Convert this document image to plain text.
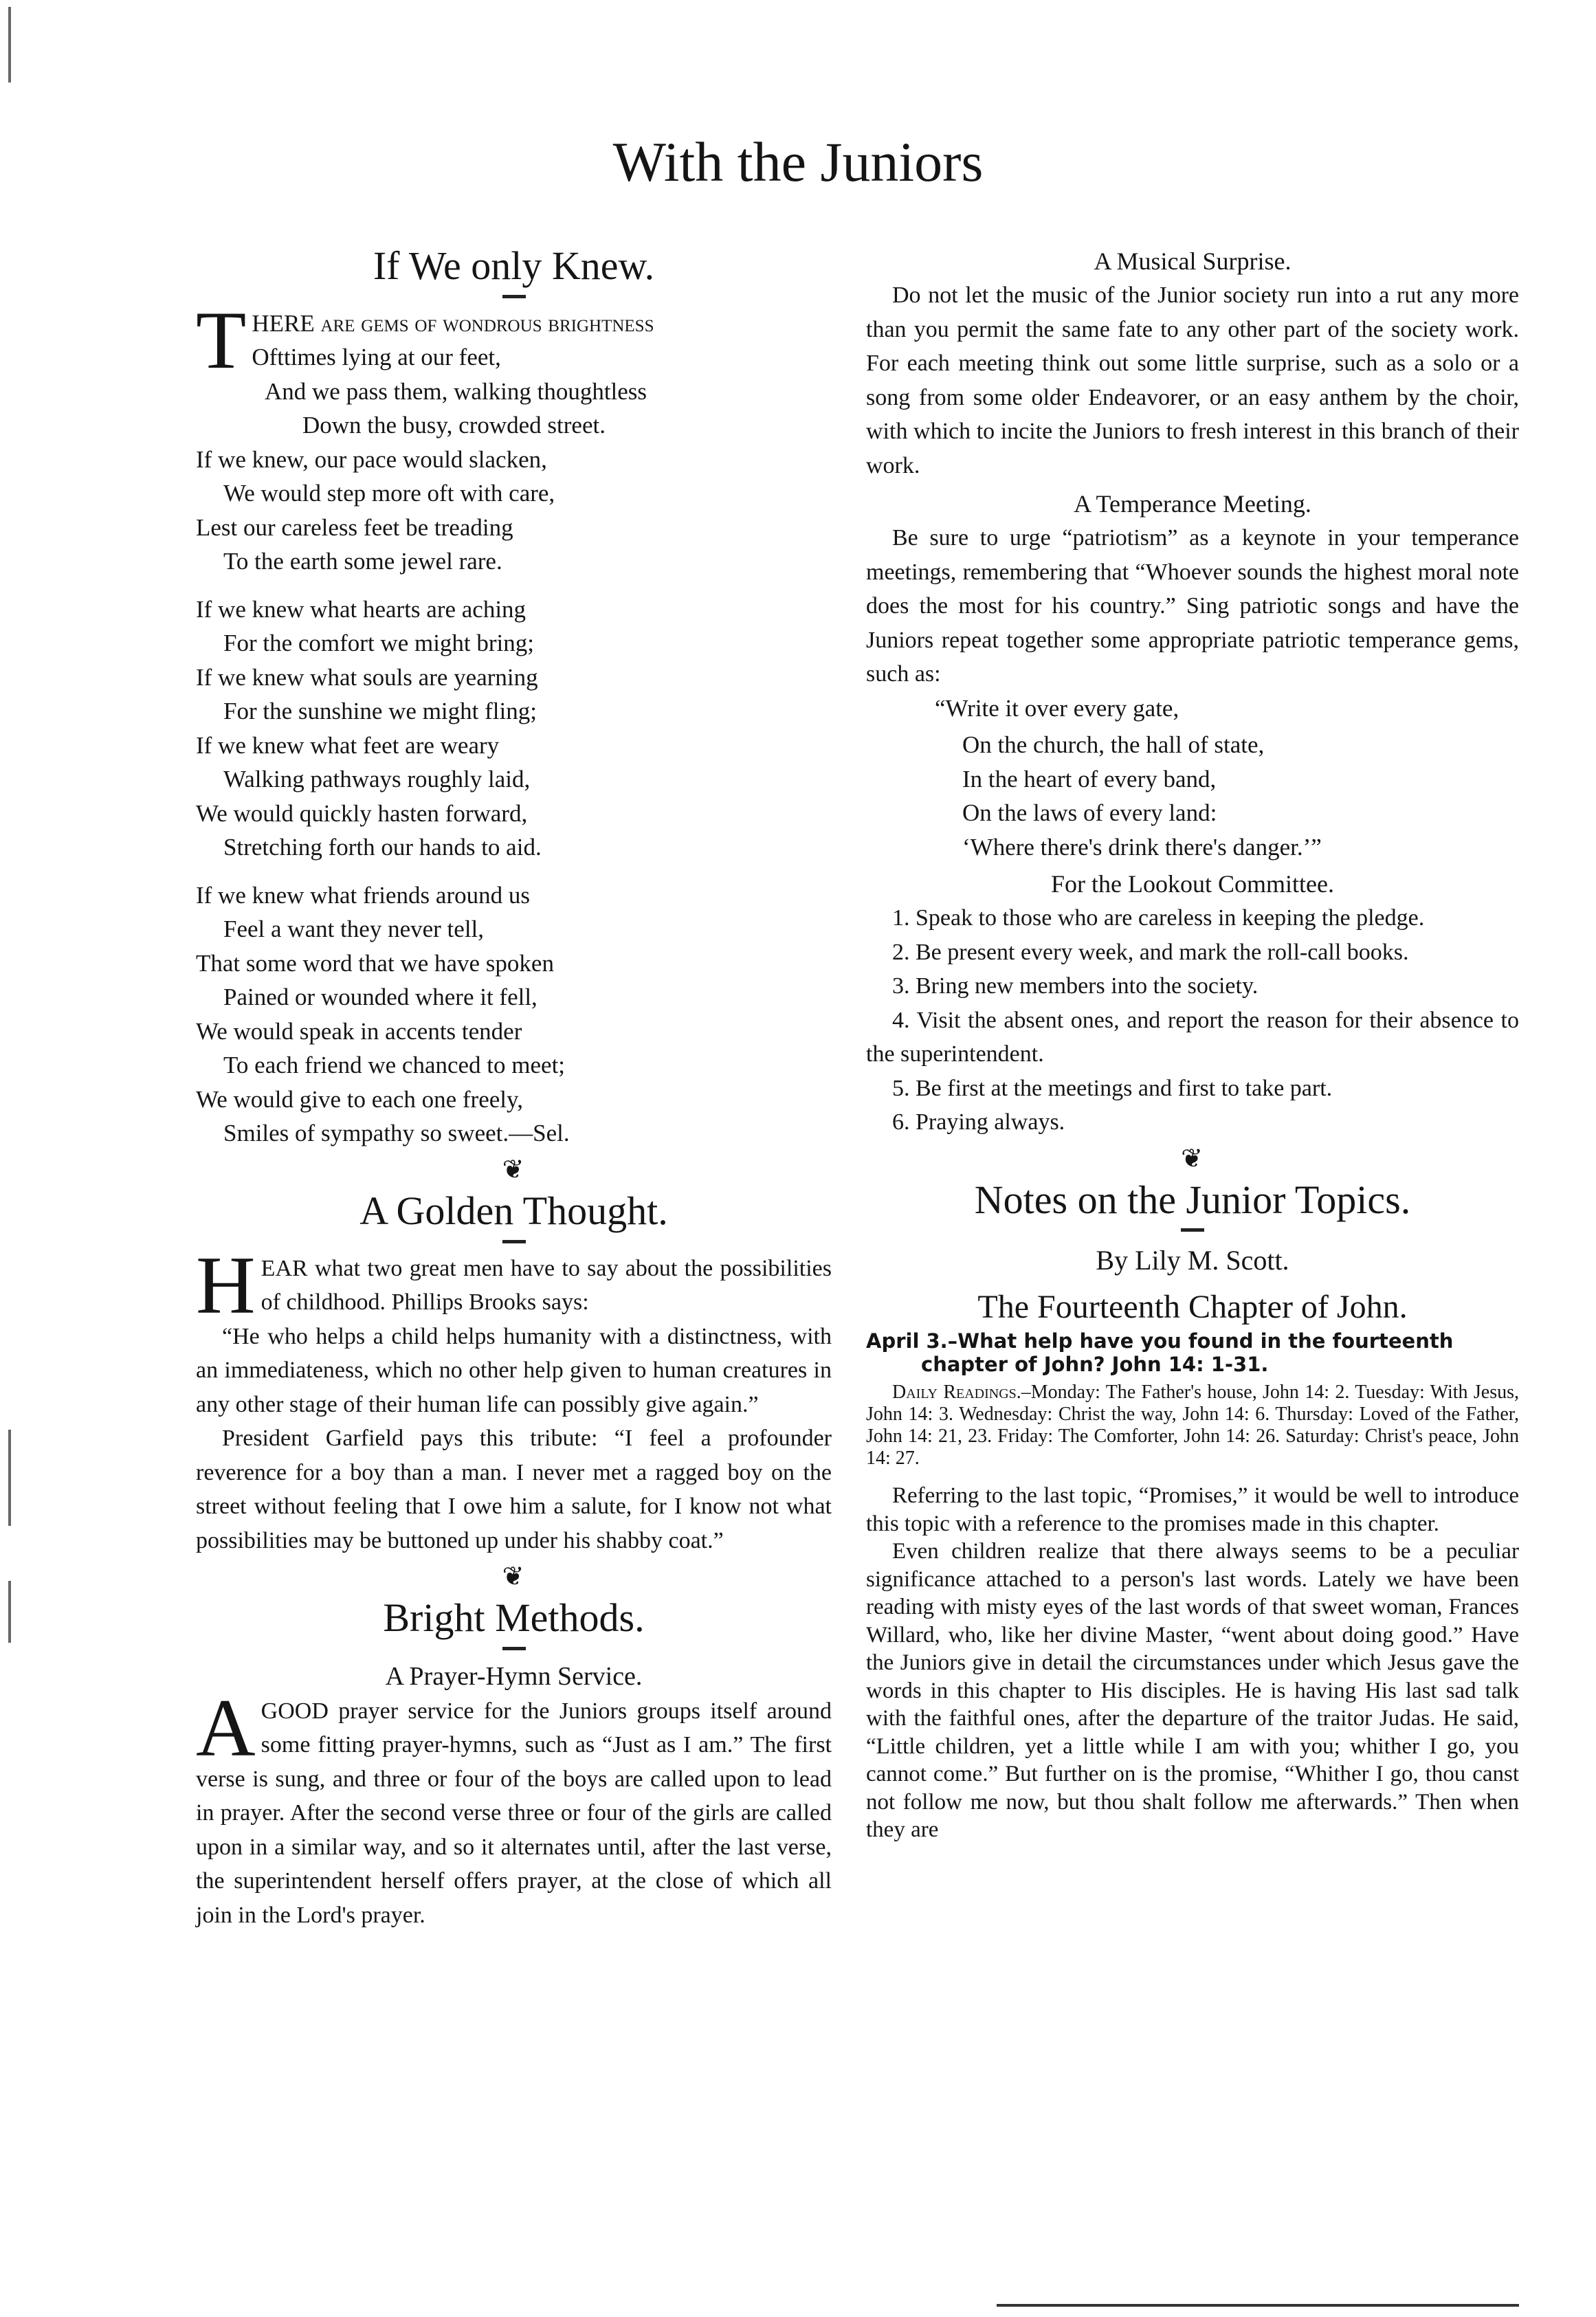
With the Juniors
If We only Knew.
T HERE are gems of wondrous brightness
Ofttimes lying at our feet,
And we pass them, walking thoughtless
Down the busy, crowded street.
If we knew, our pace would slacken,
We would step more oft with care,
Lest our careless feet be treading
To the earth some jewel rare.
If we knew what hearts are aching
For the comfort we might bring;
If we knew what souls are yearning
For the sunshine we might fling;
If we knew what feet are weary
Walking pathways roughly laid,
We would quickly hasten forward,
Stretching forth our hands to aid.
If we knew what friends around us
Feel a want they never tell,
That some word that we have spoken
Pained or wounded where it fell,
We would speak in accents tender
To each friend we chanced to meet;
We would give to each one freely,
Smiles of sympathy so sweet.—Sel.
❦
A Golden Thought.

HEAR what two great men have to say about the possibilities of childhood. Phillips Brooks says:

“He who helps a child helps humanity with a distinctness, with an immediateness, which no other help given to human creatures in any other stage of their human life can possibly give again.”

President Garfield pays this tribute: “I feel a profounder reverence for a boy than a man. I never met a ragged boy on the street without feeling that I owe him a salute, for I know not what possibilities may be buttoned up under his shabby coat.”

❦
Bright Methods.
A Prayer-Hymn Service.

AGOOD prayer service for the Juniors groups itself around some fitting prayer-hymns, such as “Just as I am.” The first verse is sung, and three or four of the boys are called upon to lead in prayer. After the second verse three or four of the girls are called upon in a similar way, and so it alternates until, after the last verse, the superintendent herself offers prayer, at the close of which all join in the Lord's prayer.

A Musical Surprise.

Do not let the music of the Junior society run into a rut any more than you permit the same fate to any other part of the society work. For each meeting think out some little surprise, such as a solo or a song from some older Endeavorer, or an easy anthem by the choir, with which to incite the Juniors to fresh interest in this branch of their work.

A Temperance Meeting.

Be sure to urge “patriotism” as a keynote in your temperance meetings, remembering that “Whoever sounds the highest moral note does the most for his country.” Sing patriotic songs and have the Juniors repeat together some appropriate patriotic temperance gems, such as:

“Write it over every gate,

On the church, the hall of state,

In the heart of every band,

On the laws of every land:

‘Where there's drink there's danger.’”

For the Lookout Committee.
1. Speak to those who are careless in keeping the pledge.
2. Be present every week, and mark the roll-call books.
3. Bring new members into the society.
4. Visit the absent ones, and report the reason for their absence to the superintendent.
5. Be first at the meetings and first to take part.
6. Praying always.
❦
Notes on the Junior Topics.

By Lily M. Scott.

The Fourteenth Chapter of John.

April 3.–What help have you found in the fourteenth
chapter of John? John 14: 1-31.

Daily Readings.–Monday: The Father's house, John 14: 2. Tuesday: With Jesus, John 14: 3. Wednesday: Christ the way, John 14: 6. Thursday: Loved of the Father, John 14: 21, 23. Friday: The Comforter, John 14: 26. Saturday: Christ's peace, John 14: 27.

Referring to the last topic, “Promises,” it would be well to introduce this topic with a reference to the promises made in this chapter.

Even children realize that there always seems to be a peculiar significance attached to a person's last words. Lately we have been reading with misty eyes of the last words of that sweet woman, Frances Willard, who, like her divine Master, “went about doing good.” Have the Juniors give in detail the circumstances under which Jesus gave the words in this chapter to His disciples. He is having His last sad talk with the faithful ones, after the departure of the traitor Judas. He said, “Little children, yet a little while I am with you; whither I go, you cannot come.” But further on is the promise, “Whither I go, thou canst not follow me now, but thou shalt follow me afterwards.” Then when they are
